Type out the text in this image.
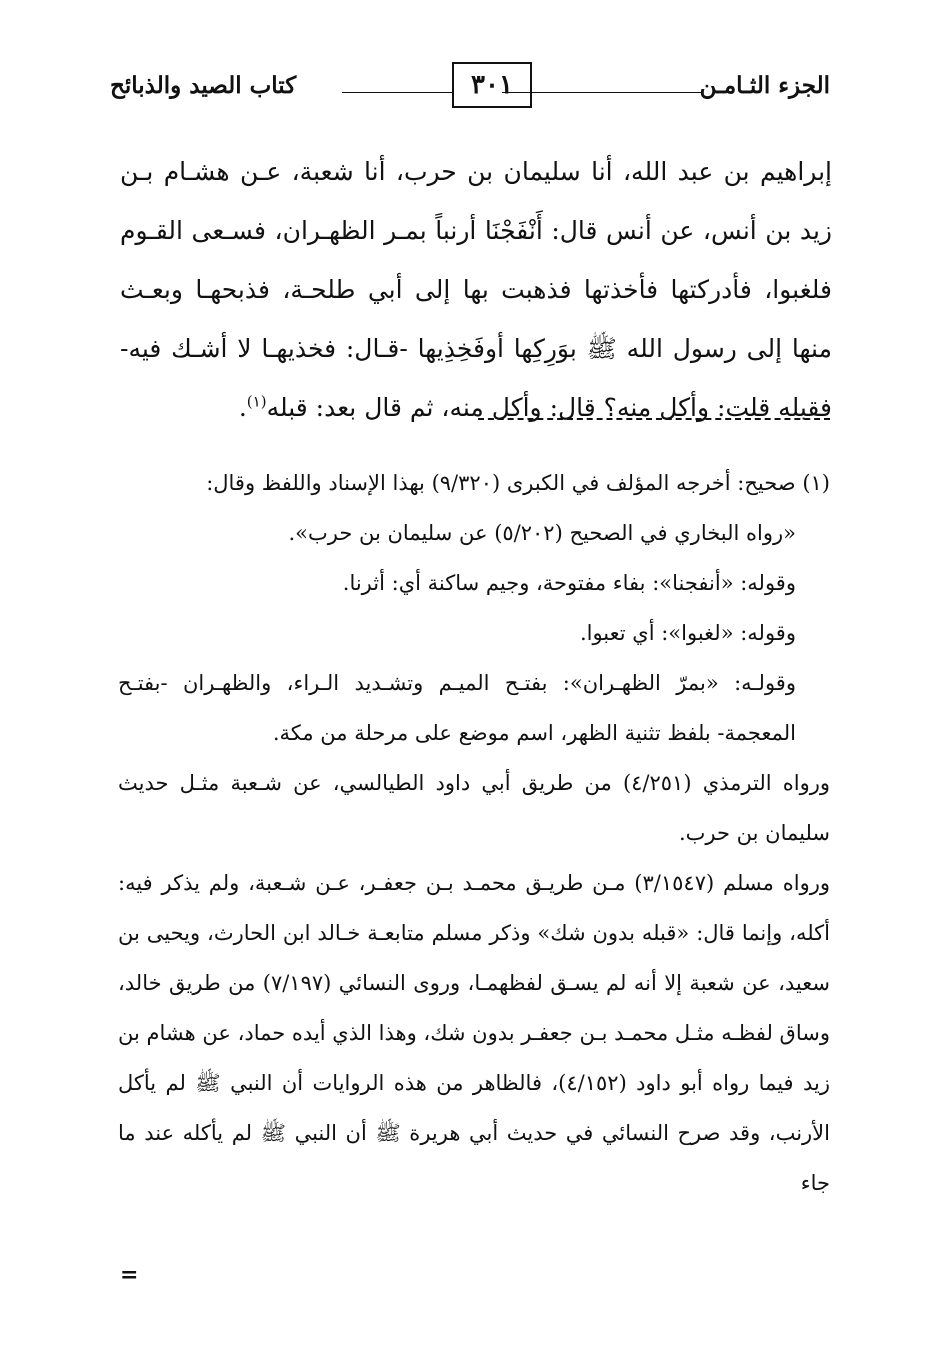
الجزء الثـامـن
٣٠١
كتاب الصيد والذبائح

إبراهيم بن عبد الله، أنا سليمان بن حرب، أنا شعبة، عـن هشـام بـن زيد بن أنس، عن أنس قال: أَنْفَجْنَا أرنباً بمـر الظهـران، فسـعى القـوم فلغبوا، فأدركتها فأخذتها فذهبت بها إلى أبي طلحـة، فذبحهـا وبعـث منها إلى رسول الله ﷺ بوَرِكِها أوفَخِذِيها -قـال: فخذيهـا لا أشـك فيه- فقبله قلت: وأكل منه؟ قال: وأكل منه، ثم قال بعد: قبله$^{(١)}$.

(١) صحيح: أخرجه المؤلف في الكبرى (٩/٣٢٠) بهذا الإسناد واللفظ وقال:

«رواه البخاري في الصحيح (٥/٢٠٢) عن سليمان بن حرب».

وقوله: «أنفجنا»: بفاء مفتوحة، وجيم ساكنة أي: أثرنا.

وقوله: «لغبوا»: أي تعبوا.

وقولـه: «بمرّ الظهـران»: بفتـح الميـم وتشـديد الـراء، والظهـران -بفتـح المعجمة- بلفظ تثنية الظهر، اسم موضع على مرحلة من مكة.

ورواه الترمذي (٤/٢٥١) من طريق أبي داود الطيالسي، عن شـعبة مثـل حديث سليمان بن حرب.

ورواه مسلم (٣/١٥٤٧) مـن طريـق محمـد بـن جعفـر، عـن شـعبة، ولم يذكر فيه: أكله، وإنما قال: «قبله بدون شك» وذكر مسلم متابعـة خـالد ابن الحارث، ويحيى بن سعيد، عن شعبة إلا أنه لم يسـق لفظهمـا، وروى النسائي (٧/١٩٧) من طريق خالد، وساق لفظـه مثـل محمـد بـن جعفـر بدون شك، وهذا الذي أيده حماد، عن هشام بن زيد فيما رواه أبو داود (٤/١٥٢)، فالظاهر من هذه الروايات أن النبي ﷺ لم يأكل الأرنب، وقد صرح النسائي في حديث أبي هريرة ﷺ أن النبي ﷺ لم يأكله عند ما جاء

=
